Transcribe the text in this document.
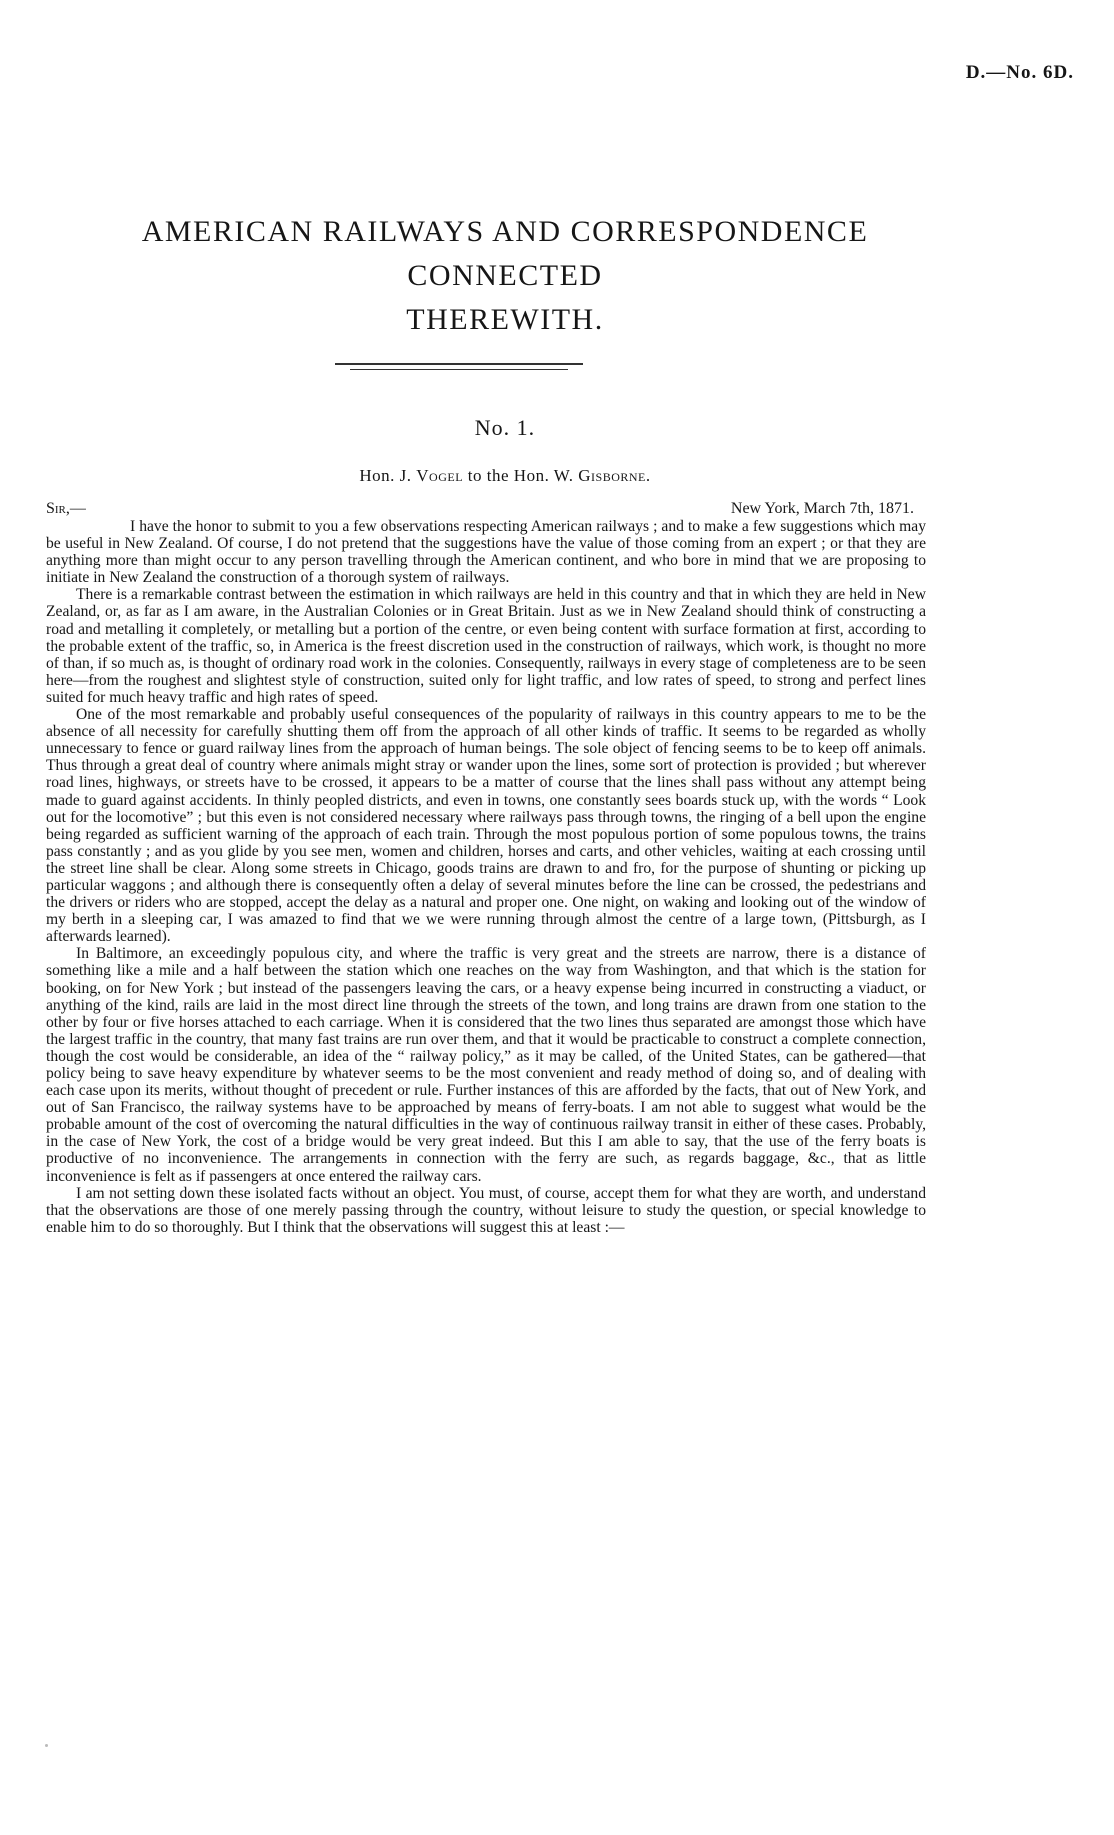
D.—No. 6D.
AMERICAN RAILWAYS AND CORRESPONDENCE CONNECTED
THEREWITH.
No. 1.
Hon. J. Vogel to the Hon. W. Gisborne.
Sir,—	New York, March 7th, 1871.

I have the honor to submit to you a few observations respecting American railways ; and to make a few suggestions which may be useful in New Zealand. Of course, I do not pretend that the suggestions have the value of those coming from an expert ; or that they are anything more than might occur to any person travelling through the American continent, and who bore in mind that we are proposing to initiate in New Zealand the construction of a thorough system of railways.

There is a remarkable contrast between the estimation in which railways are held in this country and that in which they are held in New Zealand, or, as far as I am aware, in the Australian Colonies or in Great Britain. Just as we in New Zealand should think of constructing a road and metalling it completely, or metalling but a portion of the centre, or even being content with surface formation at first, according to the probable extent of the traffic, so, in America is the freest discretion used in the construction of railways, which work, is thought no more of than, if so much as, is thought of ordinary road work in the colonies. Consequently, railways in every stage of completeness are to be seen here—from the roughest and slightest style of construction, suited only for light traffic, and low rates of speed, to strong and perfect lines suited for much heavy traffic and high rates of speed.

One of the most remarkable and probably useful consequences of the popularity of railways in this country appears to me to be the absence of all necessity for carefully shutting them off from the approach of all other kinds of traffic. It seems to be regarded as wholly unnecessary to fence or guard railway lines from the approach of human beings. The sole object of fencing seems to be to keep off animals. Thus through a great deal of country where animals might stray or wander upon the lines, some sort of protection is provided ; but wherever road lines, highways, or streets have to be crossed, it appears to be a matter of course that the lines shall pass without any attempt being made to guard against accidents. In thinly peopled districts, and even in towns, one constantly sees boards stuck up, with the words “ Look out for the locomotive” ; but this even is not considered necessary where railways pass through towns, the ringing of a bell upon the engine being regarded as sufficient warning of the approach of each train. Through the most populous portion of some populous towns, the trains pass constantly ; and as you glide by you see men, women and children, horses and carts, and other vehicles, waiting at each crossing until the street line shall be clear. Along some streets in Chicago, goods trains are drawn to and fro, for the purpose of shunting or picking up particular waggons ; and although there is consequently often a delay of several minutes before the line can be crossed, the pedestrians and the drivers or riders who are stopped, accept the delay as a natural and proper one. One night, on waking and looking out of the window of my berth in a sleeping car, I was amazed to find that we we were running through almost the centre of a large town, (Pittsburgh, as I afterwards learned).

In Baltimore, an exceedingly populous city, and where the traffic is very great and the streets are narrow, there is a distance of something like a mile and a half between the station which one reaches on the way from Washington, and that which is the station for booking, on for New York ; but instead of the passengers leaving the cars, or a heavy expense being incurred in constructing a viaduct, or anything of the kind, rails are laid in the most direct line through the streets of the town, and long trains are drawn from one station to the other by four or five horses attached to each carriage. When it is considered that the two lines thus separated are amongst those which have the largest traffic in the country, that many fast trains are run over them, and that it would be practicable to construct a complete connection, though the cost would be considerable, an idea of the “ railway policy,” as it may be called, of the United States, can be gathered—that policy being to save heavy expenditure by whatever seems to be the most convenient and ready method of doing so, and of dealing with each case upon its merits, without thought of precedent or rule. Further instances of this are afforded by the facts, that out of New York, and out of San Francisco, the railway systems have to be approached by means of ferry-boats. I am not able to suggest what would be the probable amount of the cost of overcoming the natural difficulties in the way of continuous railway transit in either of these cases. Probably, in the case of New York, the cost of a bridge would be very great indeed. But this I am able to say, that the use of the ferry boats is productive of no inconvenience. The arrangements in connection with the ferry are such, as regards baggage, &c., that as little inconvenience is felt as if passengers at once entered the railway cars.

I am not setting down these isolated facts without an object. You must, of course, accept them for what they are worth, and understand that the observations are those of one merely passing through the country, without leisure to study the question, or special knowledge to enable him to do so thoroughly. But I think that the observations will suggest this at least :—
